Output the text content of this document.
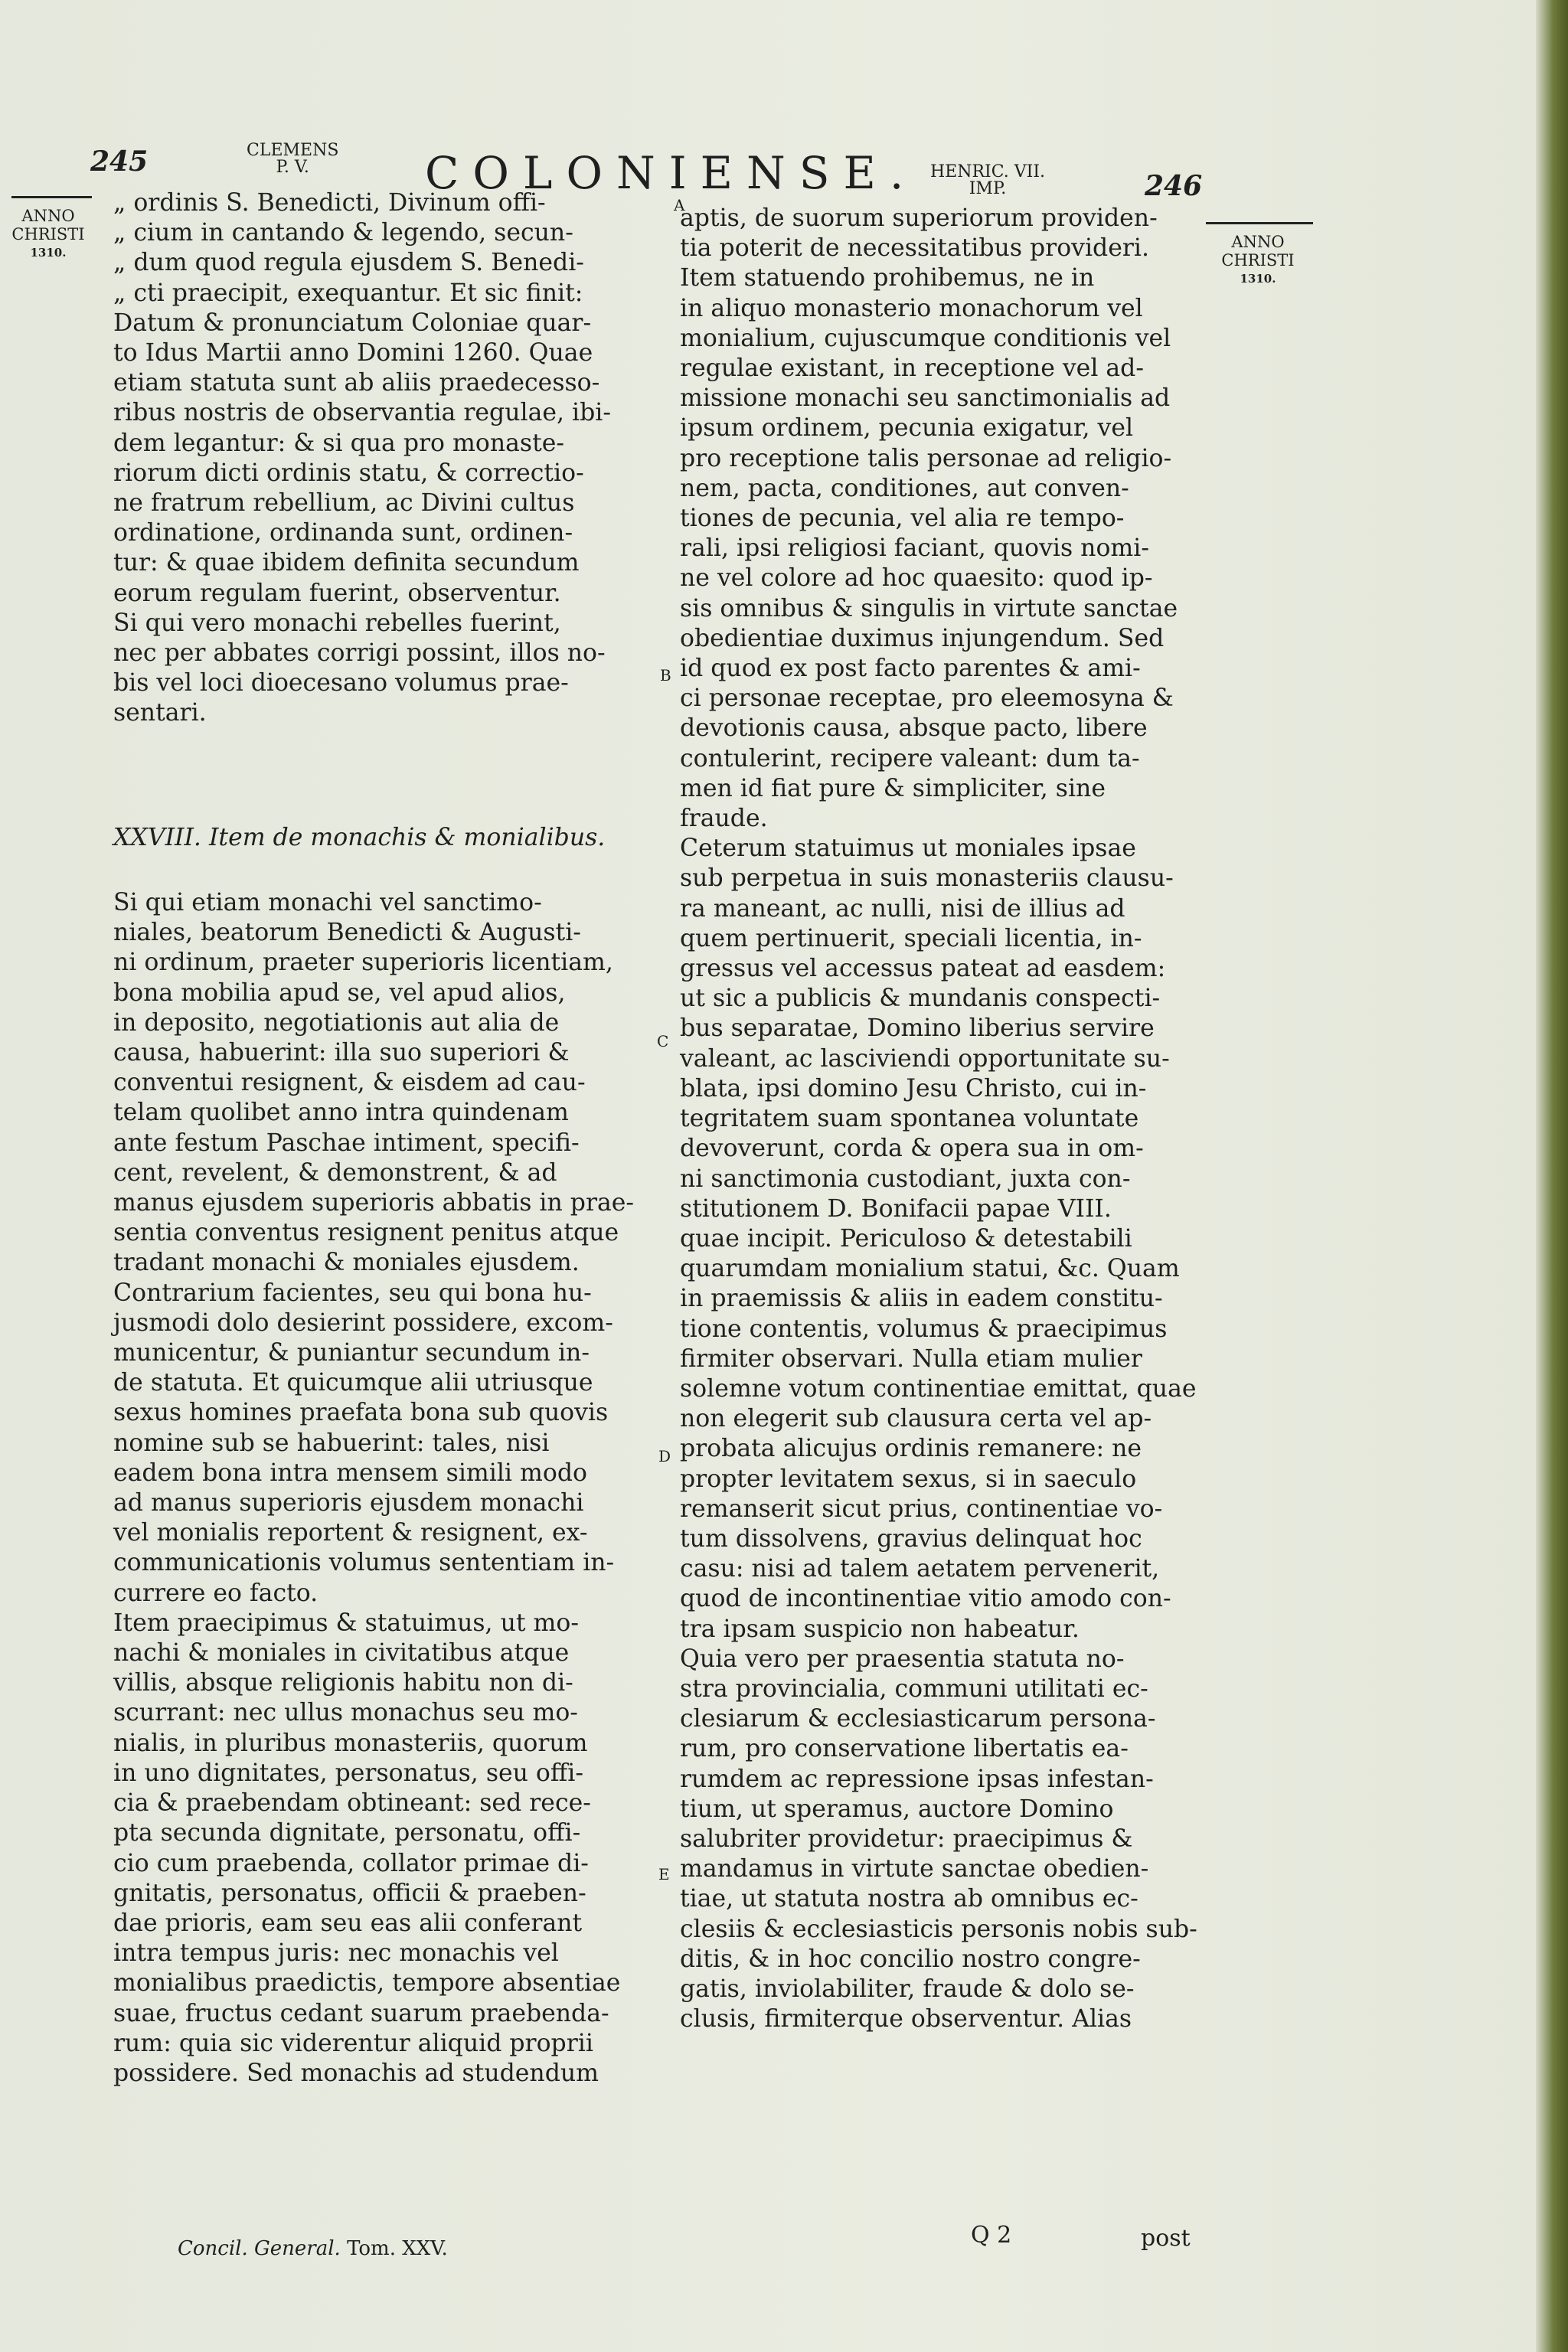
245	CLEMENS
P. V.	COLONIENSE. HENRIC. VII.
IMP.	246
ANNO
CHRISTI
1310.
ANNO
CHRISTI
1310.
A
B
C
D
E
„ ordinis S. Benedicti, Divinum offi-
„ cium in cantando & legendo, secun-
„ dum quod regula ejusdem S. Benedi-
„ cti praecipit, exequantur. Et sic finit:
Datum & pronunciatum Coloniae quar-
to Idus Martii anno Domini 1260. Quae
etiam statuta sunt ab aliis praedecesso-
ribus nostris de observantia regulae, ibi-
dem legantur: & si qua pro monaste-
riorum dicti ordinis statu, & correctio-
ne fratrum rebellium, ac Divini cultus
ordinatione, ordinanda sunt, ordinen-
tur: & quae ibidem definita secundum
eorum regulam fuerint, observentur.
Si qui vero monachi rebelles fuerint,
nec per abbates corrigi possint, illos no-
bis vel loci dioecesano volumus prae-
sentari.
XXVIII. Item de monachis & monialibus.
Si qui etiam monachi vel sanctimo-
niales, beatorum Benedicti & Augusti-
ni ordinum, praeter superioris licentiam,
bona mobilia apud se, vel apud alios,
in deposito, negotiationis aut alia de
causa, habuerint: illa suo superiori &
conventui resignent, & eisdem ad cau-
telam quolibet anno intra quindenam
ante festum Paschae intiment, specifi-
cent, revelent, & demonstrent, & ad
manus ejusdem superioris abbatis in prae-
sentia conventus resignent penitus atque
tradant monachi & moniales ejusdem.
Contrarium facientes, seu qui bona hu-
jusmodi dolo desierint possidere, excom-
municentur, & puniantur secundum in-
de statuta. Et quicumque alii utriusque
sexus homines praefata bona sub quovis
nomine sub se habuerint: tales, nisi
eadem bona intra mensem simili modo
ad manus superioris ejusdem monachi
vel monialis reportent & resignent, ex-
communicationis volumus sententiam in-
currere eo facto.
Item praecipimus & statuimus, ut mo-
nachi & moniales in civitatibus atque
villis, absque religionis habitu non di-
scurrant: nec ullus monachus seu mo-
nialis, in pluribus monasteriis, quorum
in uno dignitates, personatus, seu offi-
cia & praebendam obtineant: sed rece-
pta secunda dignitate, personatu, offi-
cio cum praebenda, collator primae di-
gnitatis, personatus, officii & praeben-
dae prioris, eam seu eas alii conferant
intra tempus juris: nec monachis vel
monialibus praedictis, tempore absentiae
suae, fructus cedant suarum praebenda-
rum: quia sic viderentur aliquid proprii
possidere. Sed monachis ad studendum
aptis, de suorum superiorum providen-
tia poterit de necessitatibus provideri.
Item statuendo prohibemus, ne in
in aliquo monasterio monachorum vel
monialium, cujuscumque conditionis vel
regulae existant, in receptione vel ad-
missione monachi seu sanctimonialis ad
ipsum ordinem, pecunia exigatur, vel
pro receptione talis personae ad religio-
nem, pacta, conditiones, aut conven-
tiones de pecunia, vel alia re tempo-
rali, ipsi religiosi faciant, quovis nomi-
ne vel colore ad hoc quaesito: quod ip-
sis omnibus & singulis in virtute sanctae
obedientiae duximus injungendum. Sed
id quod ex post facto parentes & ami-
ci personae receptae, pro eleemosyna &
devotionis causa, absque pacto, libere
contulerint, recipere valeant: dum ta-
men id fiat pure & simpliciter, sine
fraude.
Ceterum statuimus ut moniales ipsae
sub perpetua in suis monasteriis clausu-
ra maneant, ac nulli, nisi de illius ad
quem pertinuerit, speciali licentia, in-
gressus vel accessus pateat ad easdem:
ut sic a publicis & mundanis conspecti-
bus separatae, Domino liberius servire
valeant, ac lasciviendi opportunitate su-
blata, ipsi domino Jesu Christo, cui in-
tegritatem suam spontanea voluntate
devoverunt, corda & opera sua in om-
ni sanctimonia custodiant, juxta con-
stitutionem D. Bonifacii papae VIII.
quae incipit. Periculoso & detestabili
quarumdam monialium statui, &c. Quam
in praemissis & aliis in eadem constitu-
tione contentis, volumus & praecipimus
firmiter observari. Nulla etiam mulier
solemne votum continentiae emittat, quae
non elegerit sub clausura certa vel ap-
probata alicujus ordinis remanere: ne
propter levitatem sexus, si in saeculo
remanserit sicut prius, continentiae vo-
tum dissolvens, gravius delinquat hoc
casu: nisi ad talem aetatem pervenerit,
quod de incontinentiae vitio amodo con-
tra ipsam suspicio non habeatur.
Quia vero per praesentia statuta no-
stra provincialia, communi utilitati ec-
clesiarum & ecclesiasticarum persona-
rum, pro conservatione libertatis ea-
rumdem ac repressione ipsas infestan-
tium, ut speramus, auctore Domino
salubriter providetur: praecipimus &
mandamus in virtute sanctae obedien-
tiae, ut statuta nostra ab omnibus ec-
clesiis & ecclesiasticis personis nobis sub-
ditis, & in hoc concilio nostro congre-
gatis, inviolabiliter, fraude & dolo se-
clusis, firmiterque observentur. Alias
Concil. General. Tom. XXV.	Q 2	post
